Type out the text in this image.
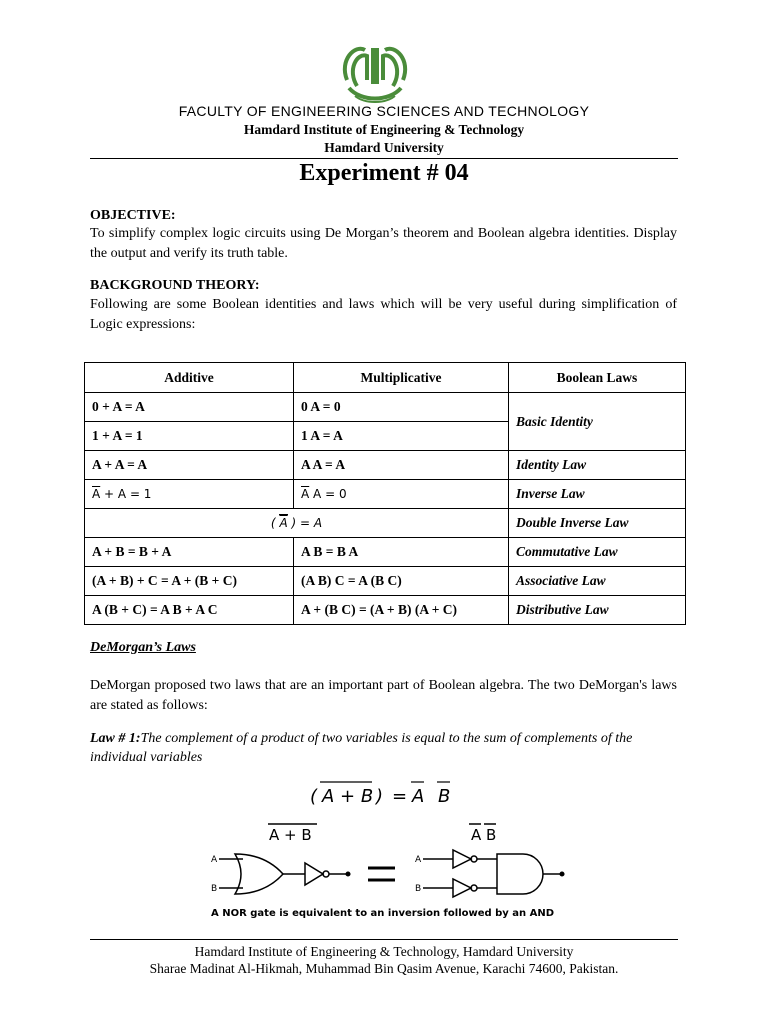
FACULTY OF ENGINEERING SCIENCES AND TECHNOLOGY
Hamdard Institute of Engineering & Technology
Hamdard University
Experiment # 04
OBJECTIVE:
To simplify complex logic circuits using De Morgan’s theorem and Boolean algebra identities. Display the output and verify its truth table.
BACKGROUND THEORY:
Following are some Boolean identities and laws which will be very useful during simplification of Logic expressions:
Additive	Multiplicative	Boolean Laws
0 + A = A	0 A = 0	Basic Identity
1 + A = 1	1 A = A	
A + A = A	A A = A	Identity Law
$\overline{A} + A = 1$	$\overline{A}$ A = 0	Inverse Law
( $\overline{A}$ ) = A		Double Inverse Law
A + B = B + A	A B = B A	Commutative Law
(A + B) + C = A + (B + C)	(A B) C = A (B C)	Associative Law
A (B + C) = A B + A C	A + (B C) = (A + B) (A + C)	Distributive Law
DeMorgan’s Laws
DeMorgan proposed two laws that are an important part of Boolean algebra. The two DeMorgan's laws are stated as follows:
Law # 1:The complement of a product of two variables is equal to the sum of complements of the individual variables
( A + B ) = A B
A + B	A B
A
B
A
B
A NOR gate is equivalent to an inversion followed by an AND
Hamdard Institute of Engineering & Technology, Hamdard University
Sharae Madinat Al-Hikmah, Muhammad Bin Qasim Avenue, Karachi 74600, Pakistan.
